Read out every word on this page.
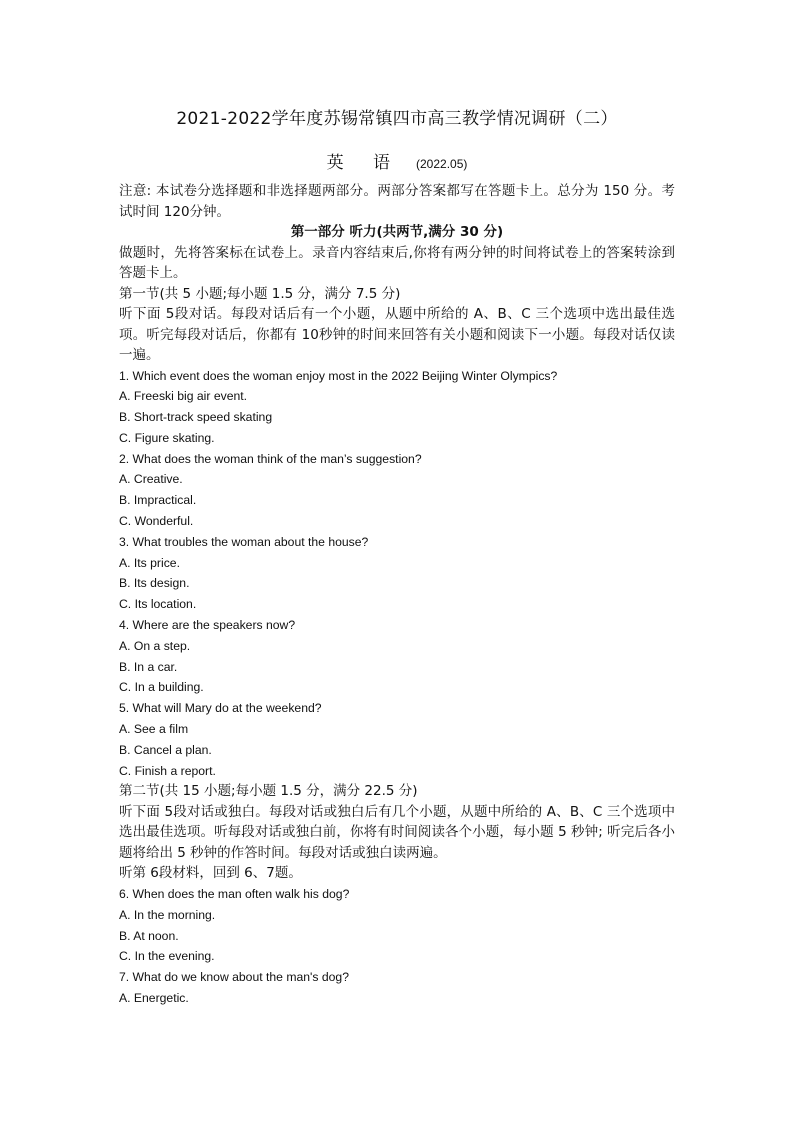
2021-2022学年度苏锡常镇四市高三教学情况调研（二）
英 语 (2022.05)

注意: 本试卷分选择题和非选择题两部分。两部分答案都写在答题卡上。总分为 150 分。考试时间 120分钟。

第一部分 听力(共两节,满分 30 分)

做题时，先将答案标在试卷上。录音内容结束后,你将有两分钟的时间将试卷上的答案转涂到答题卡上。

第一节(共 5 小题;每小题 1.5 分，满分 7.5 分)

听下面 5段对话。每段对话后有一个小题，从题中所给的 A、B、C 三个选项中选出最佳选项。听完每段对话后，你都有 10秒钟的时间来回答有关小题和阅读下一小题。每段对话仅读一遍。

1. Which event does the woman enjoy most in the 2022 Beijing Winter Olympics?

A. Freeski big air event.

B. Short-track speed skating

C. Figure skating.

2. What does the woman think of the man’s suggestion?

A. Creative.

B. Impractical.

C. Wonderful.

3. What troubles the woman about the house?

A. Its price.

B. Its design.

C. Its location.

4. Where are the speakers now?

A. On a step.

B. In a car.

C. In a building.

5. What will Mary do at the weekend?

A. See a film

B. Cancel a plan.

C. Finish a report.

第二节(共 15 小题;每小题 1.5 分，满分 22.5 分)

听下面 5段对话或独白。每段对话或独白后有几个小题，从题中所给的 A、B、C 三个选项中选出最佳选项。听每段对话或独白前，你将有时间阅读各个小题，每小题 5 秒钟; 听完后各小题将给出 5 秒钟的作答时间。每段对话或独白读两遍。

听第 6段材料，回到 6、7题。

6. When does the man often walk his dog?

A. In the morning.

B. At noon.

C. In the evening.

7. What do we know about the man's dog?

A. Energetic.
